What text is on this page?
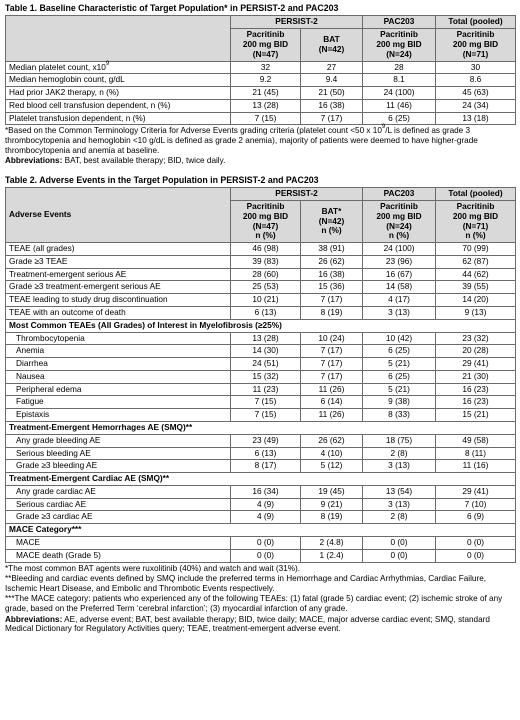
Table 1. Baseline Characteristic of Target Population* in PERSIST-2 and PAC203
	PERSIST-2		PAC203	Total (pooled)
	Pacritinib
200 mg BID
(N=47)	BAT
(N=42)	Pacritinib
200 mg BID
(N=24)	Pacritinib
200 mg BID
(N=71)
Median platelet count, $x10^9$	32	27	28	30
Median hemoglobin count, g/dL	9.2	9.4	8.1	8.6
Had prior JAK2 therapy, n (%)	21 (45)	21 (50)	24 (100)	45 (63)
Red blood cell transfusion dependent, n (%)	13 (28)	16 (38)	11 (46)	24 (34)
Platelet transfusion dependent, n (%)	7 (15)	7 (17)	6 (25)	13 (18)
*Based on the Common Terminology Criteria for Adverse Events grading criteria (platelet count <50 x $10^9/L$ is defined as grade 3 thrombocytopenia and hemoglobin <10 g/dL is defined as grade 2 anemia), majority of patients were deemed to have higher-grade thrombocytopenia and anemia at baseline.
Abbreviations: BAT, best available therapy; BID, twice daily.
Table 2. Adverse Events in the Target Population in PERSIST-2 and PAC203
Adverse Events	PERSIST-2		PAC203	Total (pooled)
	Pacritinib
200 mg BID
(N=47)
n (%)	BAT*
(N=42)
n (%)	Pacritinib
200 mg BID
(N=24)
n (%)	Pacritinib
200 mg BID
(N=71)
n (%)
TEAE (all grades)	46 (98)	38 (91)	24 (100)	70 (99)
Grade ≥3 TEAE	39 (83)	26 (62)	23 (96)	62 (87)
Treatment-emergent serious AE	28 (60)	16 (38)	16 (67)	44 (62)
Grade ≥3 treatment-emergent serious AE	25 (53)	15 (36)	14 (58)	39 (55)
TEAE leading to study drug discontinuation	10 (21)	7 (17)	4 (17)	14 (20)
TEAE with an outcome of death	6 (13)	8 (19)	3 (13)	9 (13)
Most Common TEAEs (All Grades) of Interest in Myelofibrosis (≥25%)				
Thrombocytopenia	13 (28)	10 (24)	10 (42)	23 (32)
Anemia	14 (30)	7 (17)	6 (25)	20 (28)
Diarrhea	24 (51)	7 (17)	5 (21)	29 (41)
Nausea	15 (32)	7 (17)	6 (25)	21 (30)
Peripheral edema	11 (23)	11 (26)	5 (21)	16 (23)
Fatigue	7 (15)	6 (14)	9 (38)	16 (23)
Epistaxis	7 (15)	11 (26)	8 (33)	15 (21)
Treatment-Emergent Hemorrhages AE (SMQ)**				
Any grade bleeding AE	23 (49)	26 (62)	18 (75)	49 (58)
Serious bleeding AE	6 (13)	4 (10)	2 (8)	8 (11)
Grade ≥3 bleeding AE	8 (17)	5 (12)	3 (13)	11 (16)
Treatment-Emergent Cardiac AE (SMQ)**				
Any grade cardiac AE	16 (34)	19 (45)	13 (54)	29 (41)
Serious cardiac AE	4 (9)	9 (21)	3 (13)	7 (10)
Grade ≥3 cardiac AE	4 (9)	8 (19)	2 (8)	6 (9)
MACE Category***				
MACE	0 (0)	2 (4.8)	0 (0)	0 (0)
MACE death (Grade 5)	0 (0)	1 (2.4)	0 (0)	0 (0)
*The most common BAT agents were ruxolitinib (40%) and watch and wait (31%).
**Bleeding and cardiac events defined by SMQ include the preferred terms in Hemorrhage and Cardiac Arrhythmias, Cardiac Failure, Ischemic Heart Disease, and Embolic and Thrombotic Events respectively.
***The MACE category: patients who experienced any of the following TEAEs: (1) fatal (grade 5) cardiac event; (2) ischemic stroke of any grade, based on the Preferred Term ‘cerebral infarction’; (3) myocardial infarction of any grade.
Abbreviations: AE, adverse event; BAT, best available therapy; BID, twice daily; MACE, major adverse cardiac event; SMQ, standard Medical Dictionary for Regulatory Activities query; TEAE, treatment-emergent adverse event.
